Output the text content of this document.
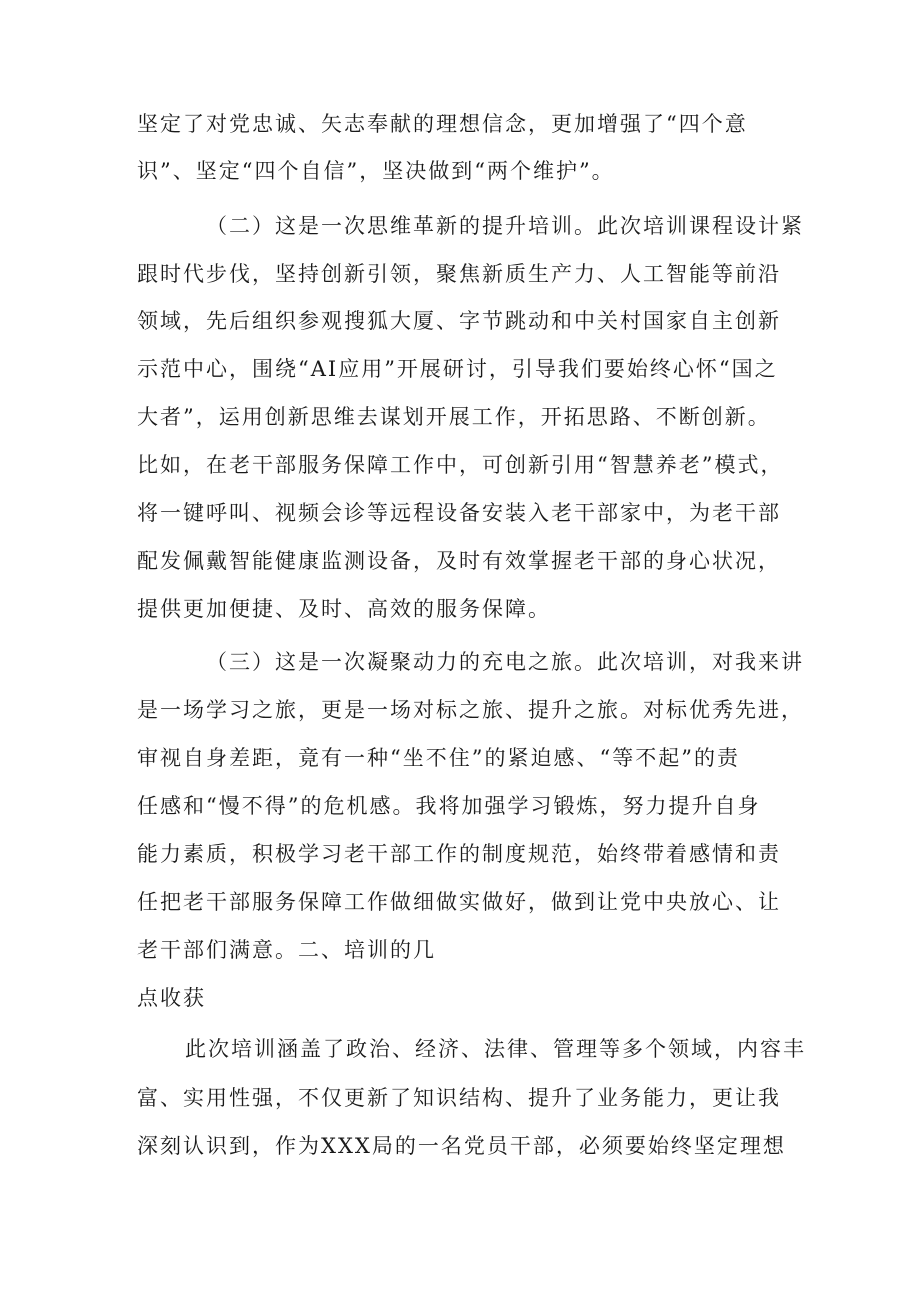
坚定了对党忠诚、矢志奉献的理想信念，更加增强了“四个意
识”、坚定“四个自信”，坚决做到“两个维护”。
（二）这是一次思维革新的提升培训。此次培训课程设计紧
跟时代步伐，坚持创新引领，聚焦新质生产力、人工智能等前沿
领域，先后组织参观搜狐大厦、字节跳动和中关村国家自主创新
示范中心，围绕“AI应用”开展研讨，引导我们要始终心怀“国之
大者”，运用创新思维去谋划开展工作，开拓思路、不断创新。
比如，在老干部服务保障工作中，可创新引用“智慧养老”模式，
将一键呼叫、视频会诊等远程设备安装入老干部家中，为老干部
配发佩戴智能健康监测设备，及时有效掌握老干部的身心状况，
提供更加便捷、及时、高效的服务保障。
（三）这是一次凝聚动力的充电之旅。此次培训，对我来讲
是一场学习之旅，更是一场对标之旅、提升之旅。对标优秀先进，
审视自身差距，竟有一种“坐不住”的紧迫感、“等不起”的责
任感和“慢不得”的危机感。我将加强学习锻炼，努力提升自身
能力素质，积极学习老干部工作的制度规范，始终带着感情和责
任把老干部服务保障工作做细做实做好，做到让党中央放心、让
老干部们满意。二、培训的几
点收获
此次培训涵盖了政治、经济、法律、管理等多个领域，内容丰
富、实用性强，不仅更新了知识结构、提升了业务能力，更让我
深刻认识到，作为XXX局的一名党员干部，必须要始终坚定理想
